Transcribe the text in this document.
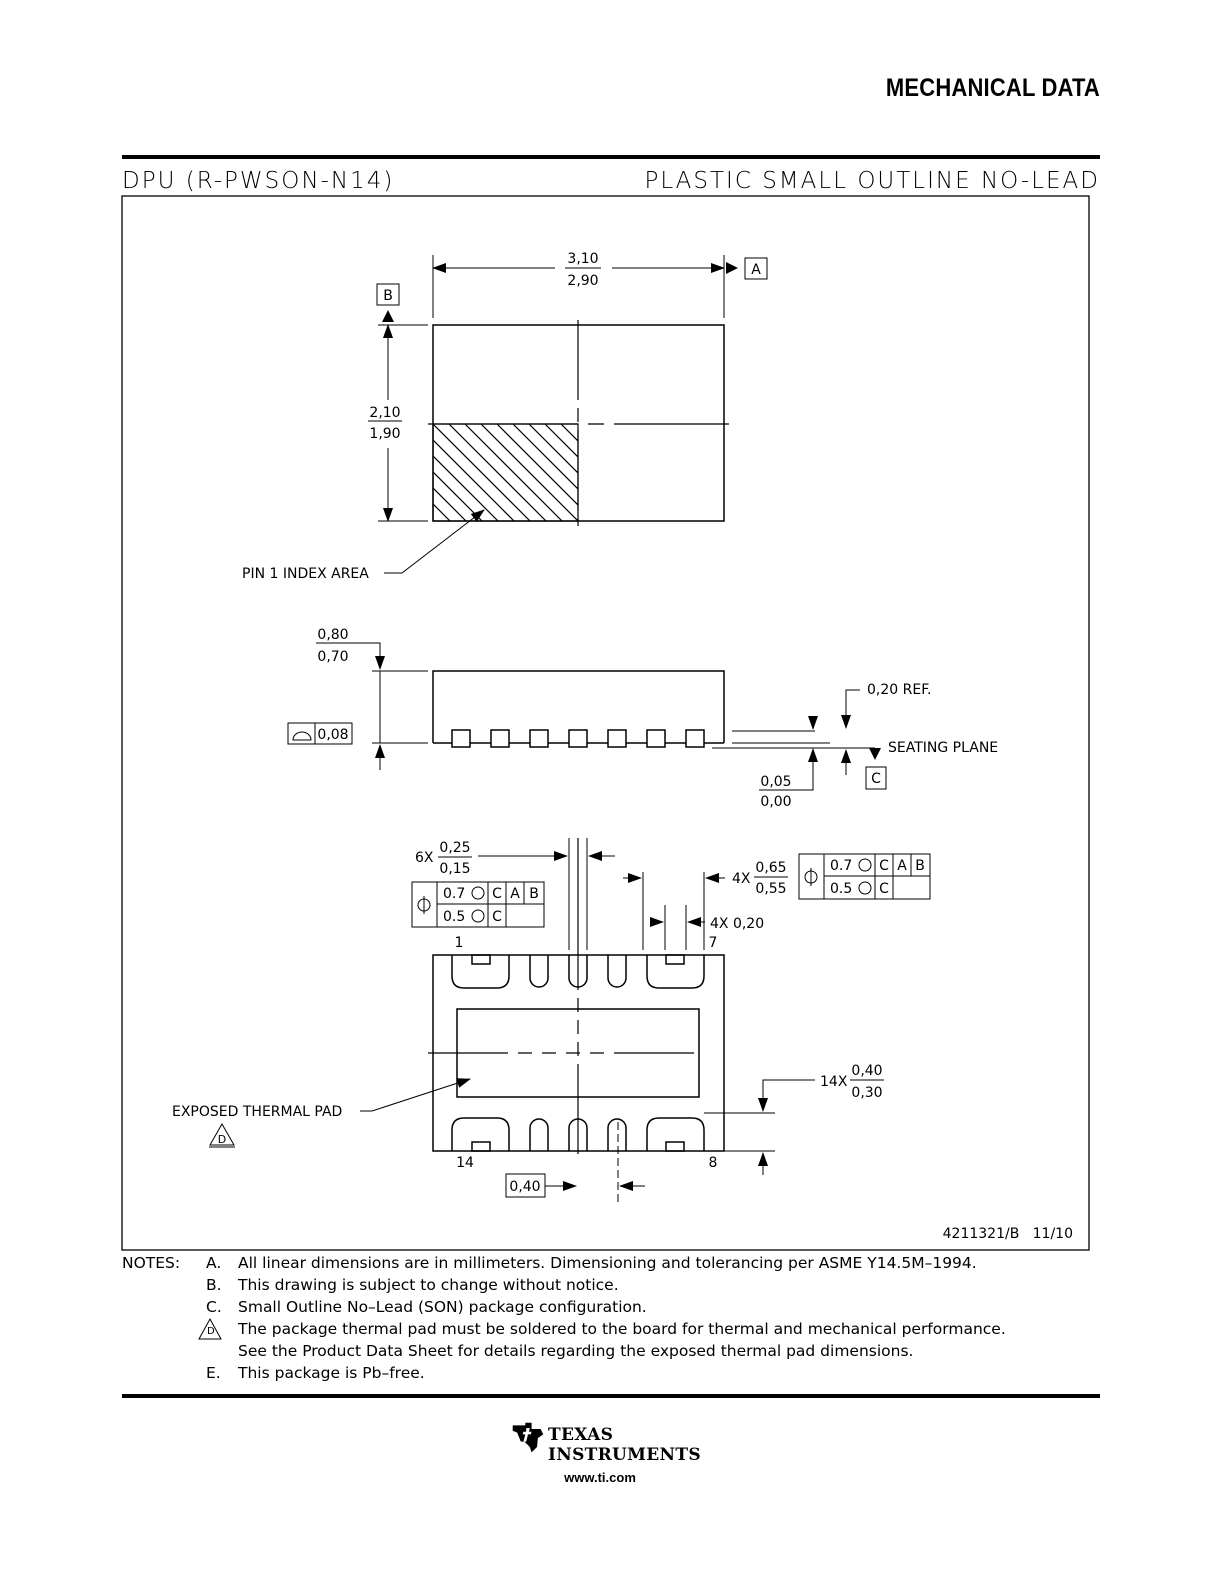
MECHANICAL DATA
DPU (R-PWSON-N14)	PLASTIC SMALL OUTLINE NO-LEAD
3,10
2,90
A
B
2,10
1,90
PIN 1 INDEX AREA
0,80
0,70
0,08
0,20 REF.
SEATING PLANE
C
0,05
0,00
6X
0,25
0,15
0.7 C A B
0.5 C
4X
0,65
0,55
0.7 C A B
0.5 C
4X 0,20
1	7
14	8
14X
0,40
0,30
0,40
EXPOSED THERMAL PAD
D
4211321/B   11/10
NOTES: A. All linear dimensions are in millimeters. Dimensioning and tolerancing per ASME Y14.5M–1994.
B. This drawing is subject to change without notice.
C. Small Outline No–Lead (SON) package configuration.
D The package thermal pad must be soldered to the board for thermal and mechanical performance.
See the Product Data Sheet for details regarding the exposed thermal pad dimensions.
E. This package is Pb–free.
TEXAS
INSTRUMENTS
www.ti.com
